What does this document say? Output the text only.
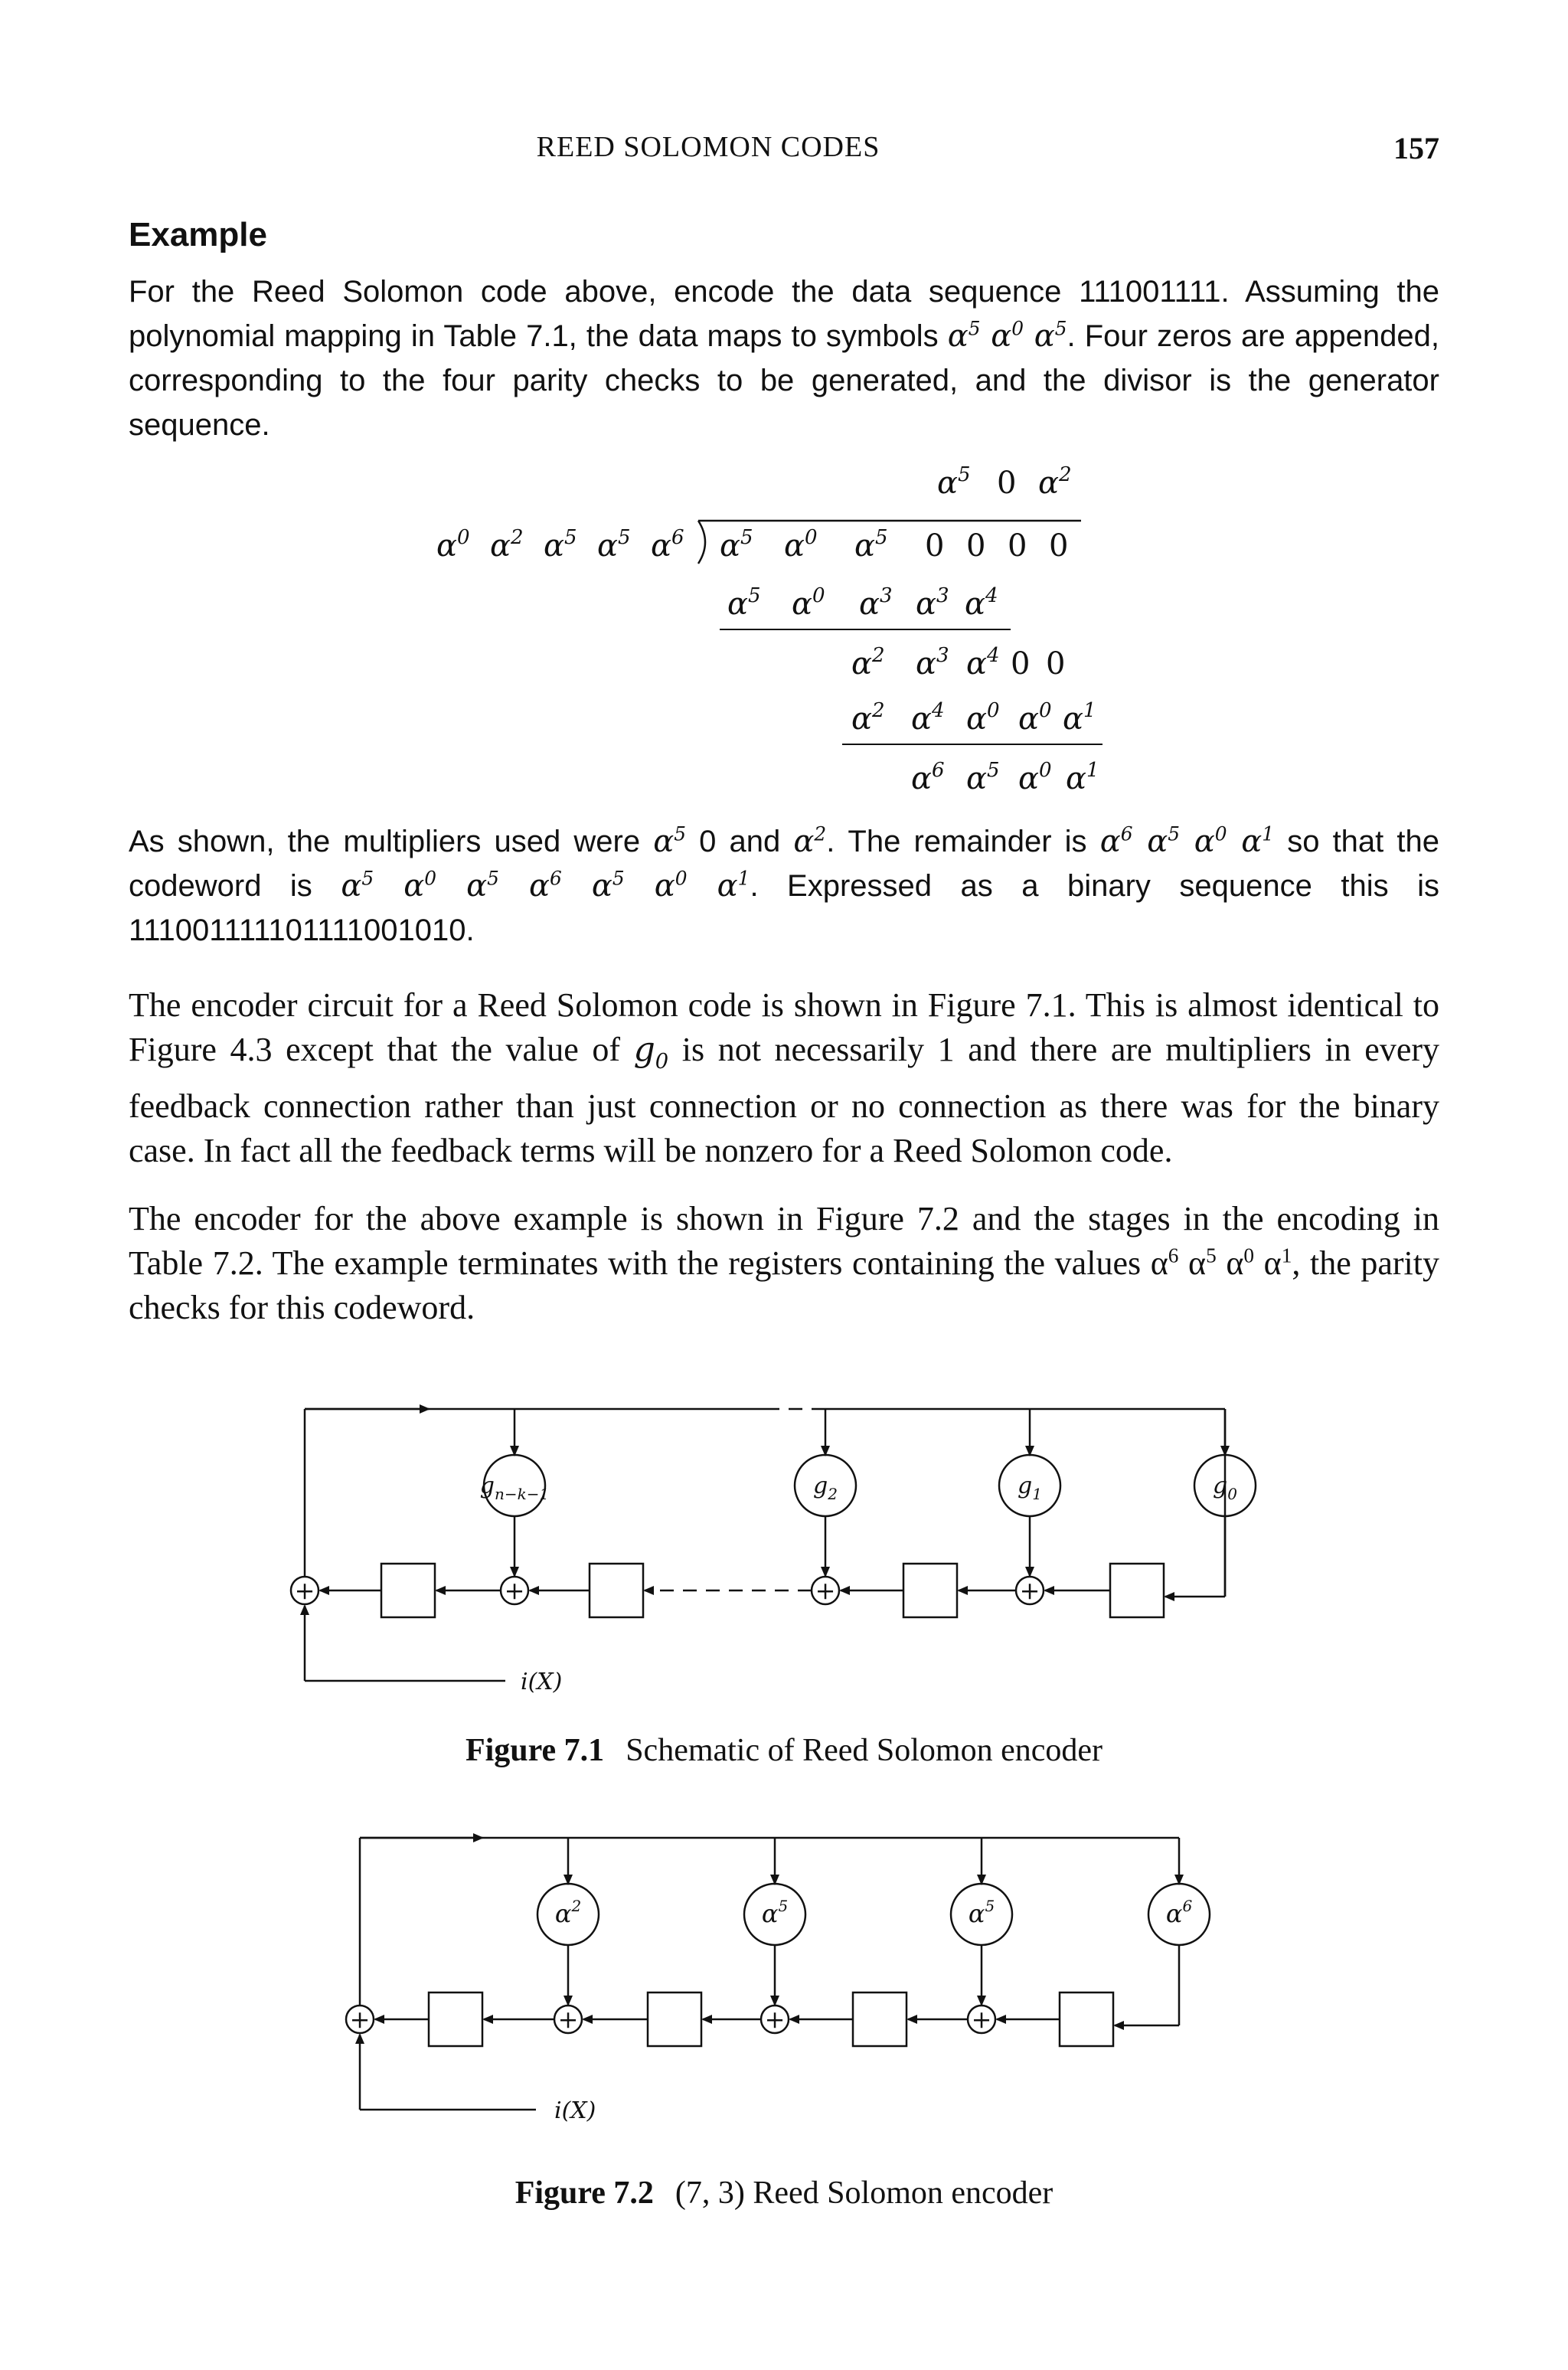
REED SOLOMON CODES	157
Example
For the Reed Solomon code above, encode the data sequence 111001111. Assuming the polynomial mapping in Table 7.1, the data maps to symbols $\alpha^5$ $\alpha^0$ $\alpha^5$. Four zeros are appended, corresponding to the four parity checks to be generated, and the divisor is the generator sequence.
$\alpha^5$ 0 $\alpha^2$
$\alpha^0$ $\alpha^2$ $\alpha^5$ $\alpha^5$ $\alpha^6$ $\alpha^5$ $\alpha^0$ $\alpha^5$ 0 0 0 0
$\alpha^5$ $\alpha^0$ $\alpha^3$ $\alpha^3$ $\alpha^4$
$\alpha^2$ $\alpha^3$ $\alpha^4$ 0 0
$\alpha^2$ $\alpha^4$ $\alpha^0$ $\alpha^0$ $\alpha^1$
$\alpha^6$ $\alpha^5$ $\alpha^0$ $\alpha^1$
As shown, the multipliers used were $\alpha^5$ 0 and $\alpha^2$. The remainder is $\alpha^6$ $\alpha^5$ $\alpha^0$ $\alpha^1$ so that the codeword is $\alpha^5$ $\alpha^0$ $\alpha^5$ $\alpha^6$ $\alpha^5$ $\alpha^0$ $\alpha^1$. Expressed as a binary sequence this is 111001111101111001010.
The encoder circuit for a Reed Solomon code is shown in Figure 7.1. This is almost identical to Figure 4.3 except that the value of $g_0$ is not necessarily 1 and there are multipliers in every feedback connection rather than just connection or no connection as there was for the binary case. In fact all the feedback terms will be nonzero for a Reed Solomon code.
The encoder for the above example is shown in Figure 7.2 and the stages in the encoding in Table 7.2. The example terminates with the registers containing the values $\alpha^6$ $\alpha^5$ $\alpha^0$ $\alpha^1$, the parity checks for this codeword.
+	+	+	+
$g_{n-k-1}$	$g_2$	$g_1$	$g_0$
i(X)
Figure 7.1 Schematic of Reed Solomon encoder
+	+	+	+
$\alpha^2$	$\alpha^5$	$\alpha^5$	$\alpha^6$
i(X)
Figure 7.2 (7, 3) Reed Solomon encoder
